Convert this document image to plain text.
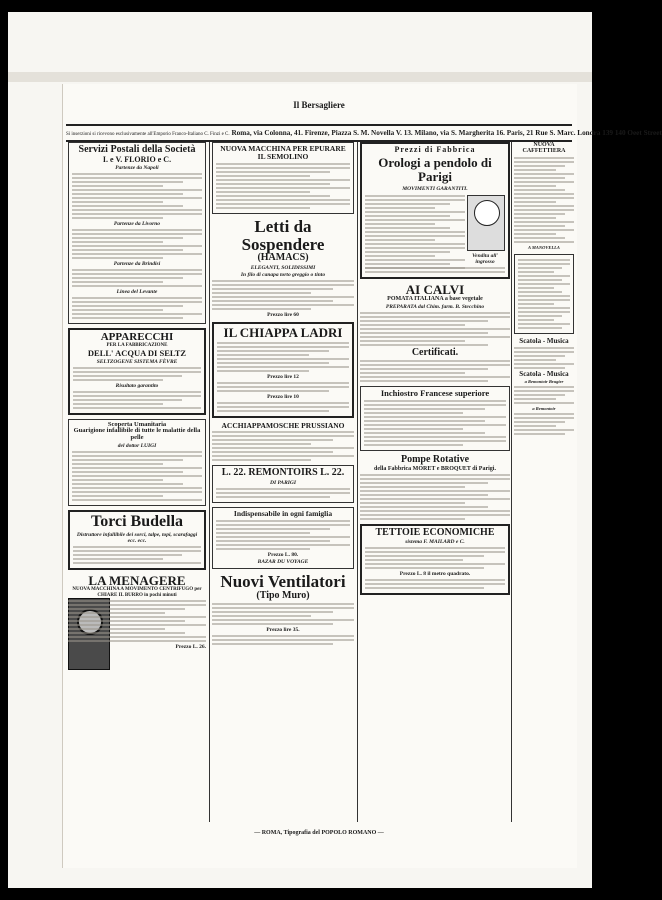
Il Bersagliere
Si inserzioni si ricevono esclusivamente all'Emporio Franco-Italiano C. Finzi e C. Roma, via Colonna, 41. Firenze, Piazza S. M. Novella V. 13. Milano, via S. Margherita 16. Paris, 21 Rue S. Marc. Londra 139 140 Oeet Street
Servizi Postali della Società
I. e V. FLORIO e C.
Partenze da Napoli
Partenze da Livorno
Partenze da Brindisi
Linea del Levante
APPARECCHI
PER LA FABBRICAZIONE
DELL' ACQUA DI SELTZ
SELTZOGENE SISTEMA FÈVRE
Risultato garantito
Scoperta Umanitaria
Guarigione infallibile di tutte le malattie della pelle
del dottor LUIGI
Torci Budella
Distruttore infallibile dei sorci, talpe, topi, scarafaggi ecc. ecc.
LA MENAGERE
NUOVA MACCHINA A MOVIMENTO CENTRIFUGO per CHIARE IL BURRO in pochi minuti
Prezzo L. 26.
NUOVA MACCHINA PER EPURARE IL SEMOLINO
Letti da Sospendere
(HAMACS)
ELEGANTI, SOLIDISSIMI
In filo di canapa torto greggio o tinto
Prezzo lire 60
IL CHIAPPA LADRI
Prezzo lire 12
Prezzo lire 10
ACCHIAPPAMOSCHE PRUSSIANO
L. 22. REMONTOIRS L. 22.
DI PARIGI
Indispensabile in ogni famiglia
Prezzo L. 80.
BAZAR DU VOYAGE
Nuovi Ventilatori
(Tipo Muro)
Prezzo lire 35.
Prezzi di Fabbrica
Orologi a pendolo di Parigi
MOVIMENTI GARANTITI.
Vendita all' ingrosso
AI CALVI
POMATA ITALIANA a base vegetale
PREPARATA dal Chim. farm. B. Stecchino
Certificati.
Inchiostro Francese superiore
Pompe Rotative
della Fabbrica MORET e BROQUET di Parigi.
TETTOIE ECONOMICHE
sistema F. MAILARD e C.
Prezzo L. 8 il metro quadrato.
NUOVA CAFFETTIERA
A MANOVELLA
Scatola - Musica
Scatola - Musica
a Remontoir Brugier
a Remontoir
— ROMA, Tipografia del POPOLO ROMANO —
